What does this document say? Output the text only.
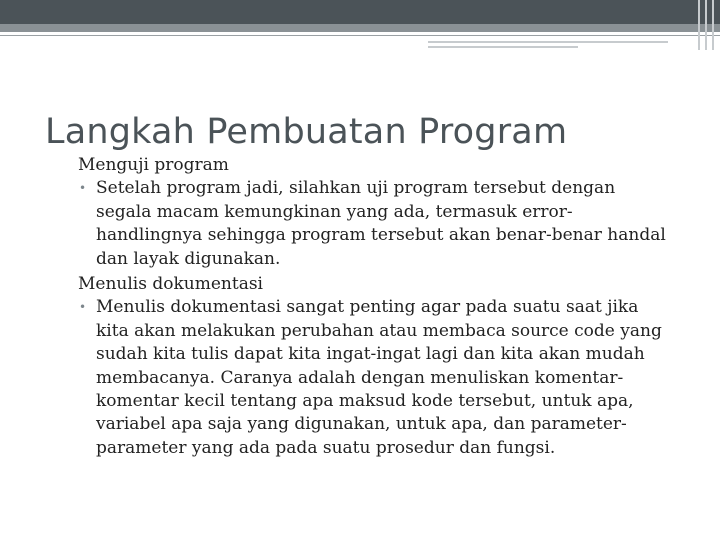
Langkah Pembuatan Program

Menguji program

• Setelah program jadi, silahkan uji program tersebut dengan
segala macam kemungkinan yang ada, termasuk error-
handlingnya sehingga program tersebut akan benar-benar handal
dan layak digunakan.

Menulis dokumentasi

• Menulis dokumentasi sangat penting agar pada suatu saat jika
kita akan melakukan perubahan atau membaca source code yang
sudah kita tulis dapat kita ingat-ingat lagi dan kita akan mudah
membacanya. Caranya adalah dengan menuliskan komentar-
komentar kecil tentang apa maksud kode tersebut, untuk apa,
variabel apa saja yang digunakan, untuk apa, dan parameter-
parameter yang ada pada suatu prosedur dan fungsi.
